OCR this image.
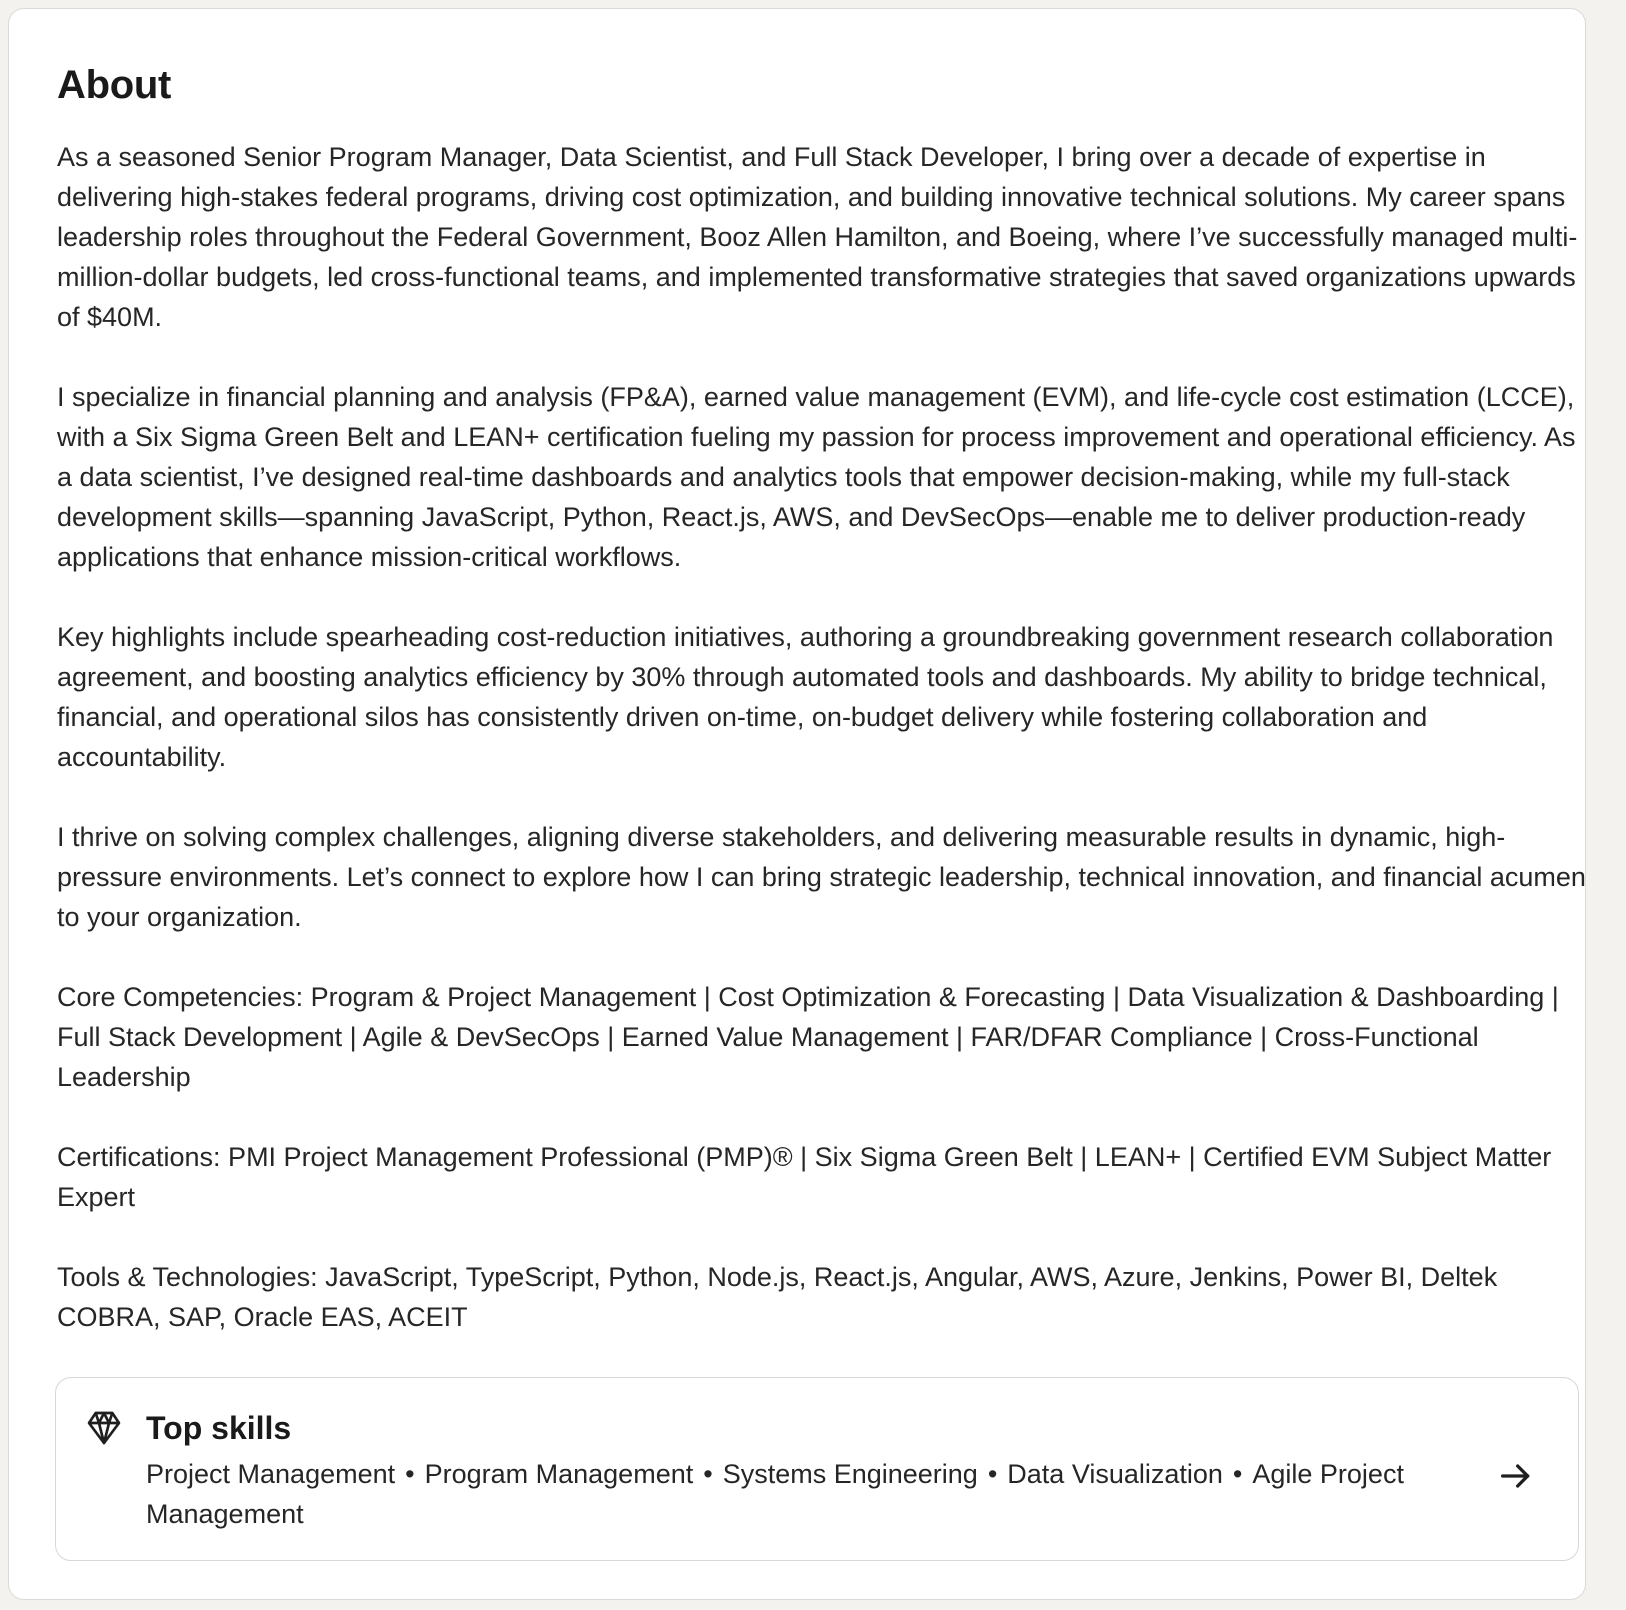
About

As a seasoned Senior Program Manager, Data Scientist, and Full Stack Developer, I bring over a decade of expertise in delivering high-stakes federal programs, driving cost optimization, and building innovative technical solutions. My career spans leadership roles throughout the Federal Government, Booz Allen Hamilton, and Boeing, where I’ve successfully managed multi-million-dollar budgets, led cross-functional teams, and implemented transformative strategies that saved organizations upwards of $40M.

I specialize in financial planning and analysis (FP&A), earned value management (EVM), and life-cycle cost estimation (LCCE), with a Six Sigma Green Belt and LEAN+ certification fueling my passion for process improvement and operational efficiency. As a data scientist, I’ve designed real-time dashboards and analytics tools that empower decision-making, while my full-stack development skills—spanning JavaScript, Python, React.js, AWS, and DevSecOps—enable me to deliver production-ready applications that enhance mission-critical workflows.

Key highlights include spearheading cost-reduction initiatives, authoring a groundbreaking government research collaboration agreement, and boosting analytics efficiency by 30% through automated tools and dashboards. My ability to bridge technical, financial, and operational silos has consistently driven on-time, on-budget delivery while fostering collaboration and accountability.

I thrive on solving complex challenges, aligning diverse stakeholders, and delivering measurable results in dynamic, high-pressure environments. Let’s connect to explore how I can bring strategic leadership, technical innovation, and financial acumen to your organization.

Core Competencies: Program & Project Management | Cost Optimization & Forecasting | Data Visualization & Dashboarding | Full Stack Development | Agile & DevSecOps | Earned Value Management | FAR/DFAR Compliance | Cross-Functional Leadership

Certifications: PMI Project Management Professional (PMP)® | Six Sigma Green Belt | LEAN+ | Certified EVM Subject Matter Expert

Tools & Technologies: JavaScript, TypeScript, Python, Node.js, React.js, Angular, AWS, Azure, Jenkins, Power BI, Deltek COBRA, SAP, Oracle EAS, ACEIT

Top skills
Project Management • Program Management • Systems Engineering • Data Visualization • Agile Project Management
